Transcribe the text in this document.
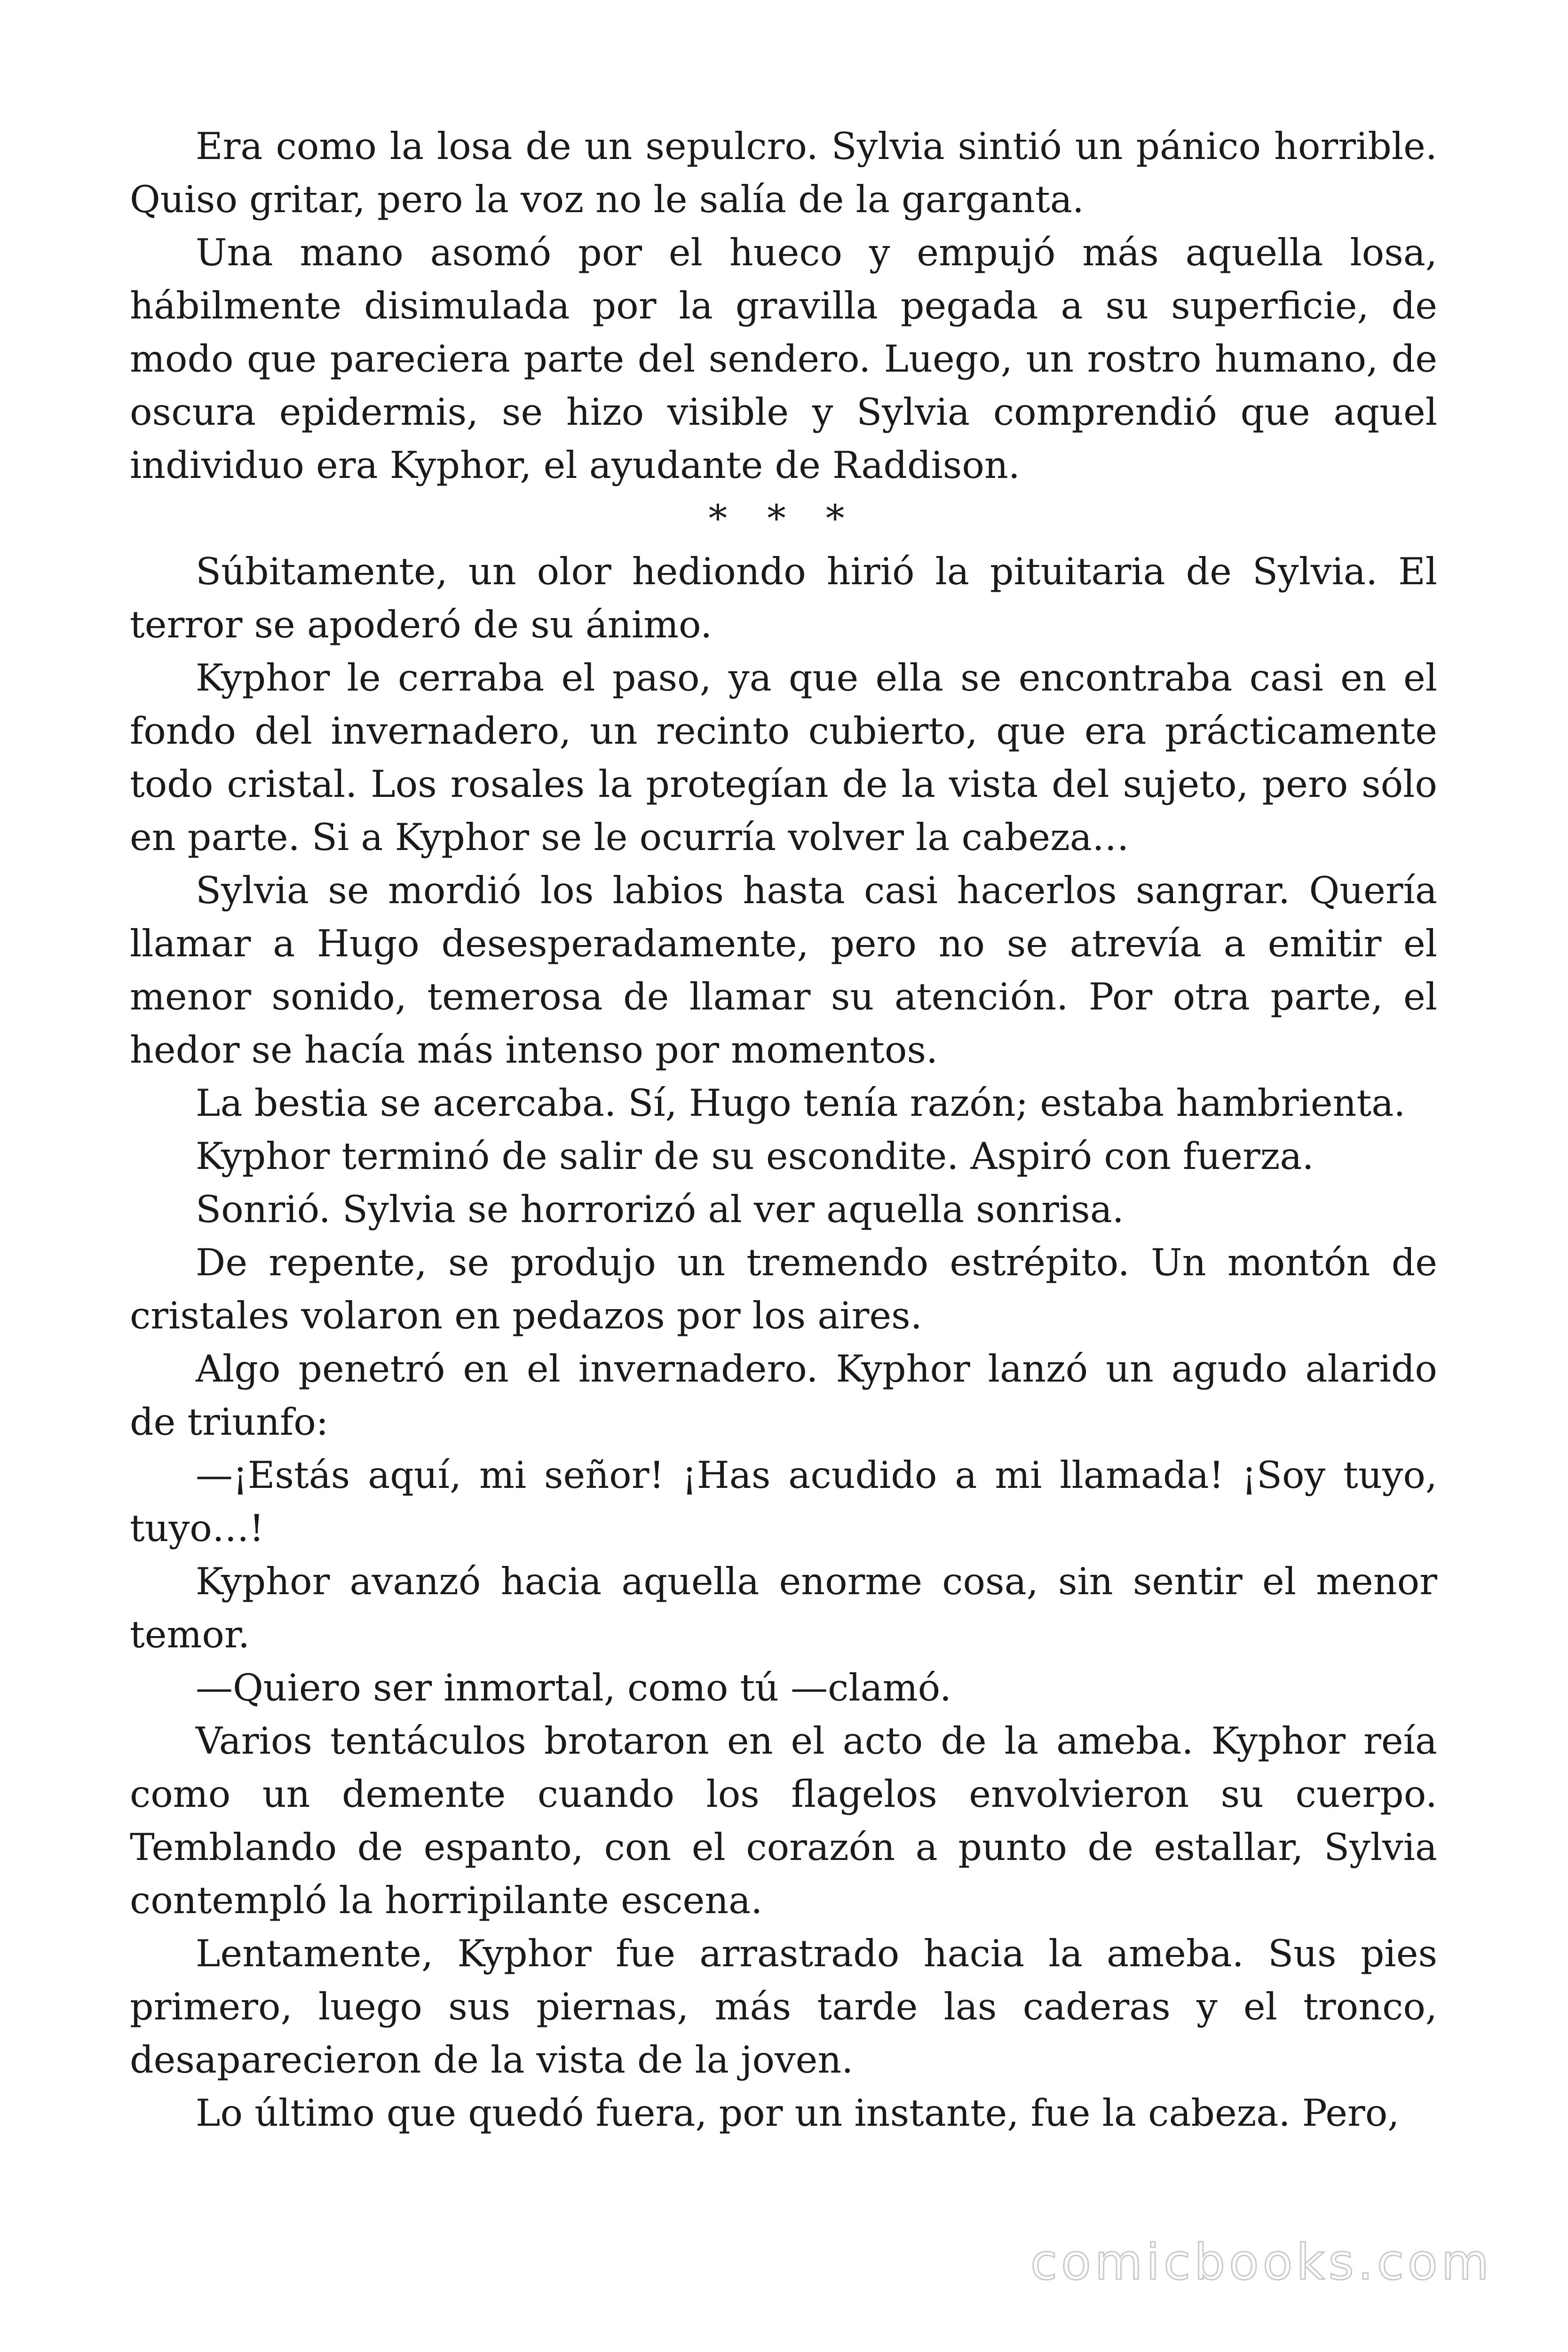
Era como la losa de un sepulcro. Sylvia sintió un pánico horrible. Quiso gritar, pero la voz no le salía de la garganta.

Una mano asomó por el hueco y empujó más aquella losa, hábilmente disimulada por la gravilla pegada a su superficie, de modo que pareciera parte del sendero. Luego, un rostro humano, de oscura epidermis, se hizo visible y Sylvia comprendió que aquel individuo era Kyphor, el ayudante de Raddison.

* * *

Súbitamente, un olor hediondo hirió la pituitaria de Sylvia. El terror se apoderó de su ánimo.

Kyphor le cerraba el paso, ya que ella se encontraba casi en el fondo del invernadero, un recinto cubierto, que era prácticamente todo cristal. Los rosales la protegían de la vista del sujeto, pero sólo en parte. Si a Kyphor se le ocurría volver la cabeza…

Sylvia se mordió los labios hasta casi hacerlos sangrar. Quería llamar a Hugo desesperadamente, pero no se atrevía a emitir el menor sonido, temerosa de llamar su atención. Por otra parte, el hedor se hacía más intenso por momentos.

La bestia se acercaba. Sí, Hugo tenía razón; estaba hambrienta.

Kyphor terminó de salir de su escondite. Aspiró con fuerza.

Sonrió. Sylvia se horrorizó al ver aquella sonrisa.

De repente, se produjo un tremendo estrépito. Un montón de cristales volaron en pedazos por los aires.

Algo penetró en el invernadero. Kyphor lanzó un agudo alarido de triunfo:

—¡Estás aquí, mi señor! ¡Has acudido a mi llamada! ¡Soy tuyo, tuyo…!

Kyphor avanzó hacia aquella enorme cosa, sin sentir el menor temor.

—Quiero ser inmortal, como tú —clamó.

Varios tentáculos brotaron en el acto de la ameba. Kyphor reía como un demente cuando los flagelos envolvieron su cuerpo. Temblando de espanto, con el corazón a punto de estallar, Sylvia contempló la horripilante escena.

Lentamente, Kyphor fue arrastrado hacia la ameba. Sus pies primero, luego sus piernas, más tarde las caderas y el tronco, desaparecieron de la vista de la joven.

Lo último que quedó fuera, por un instante, fue la cabeza. Pero,

comicbooks.com
